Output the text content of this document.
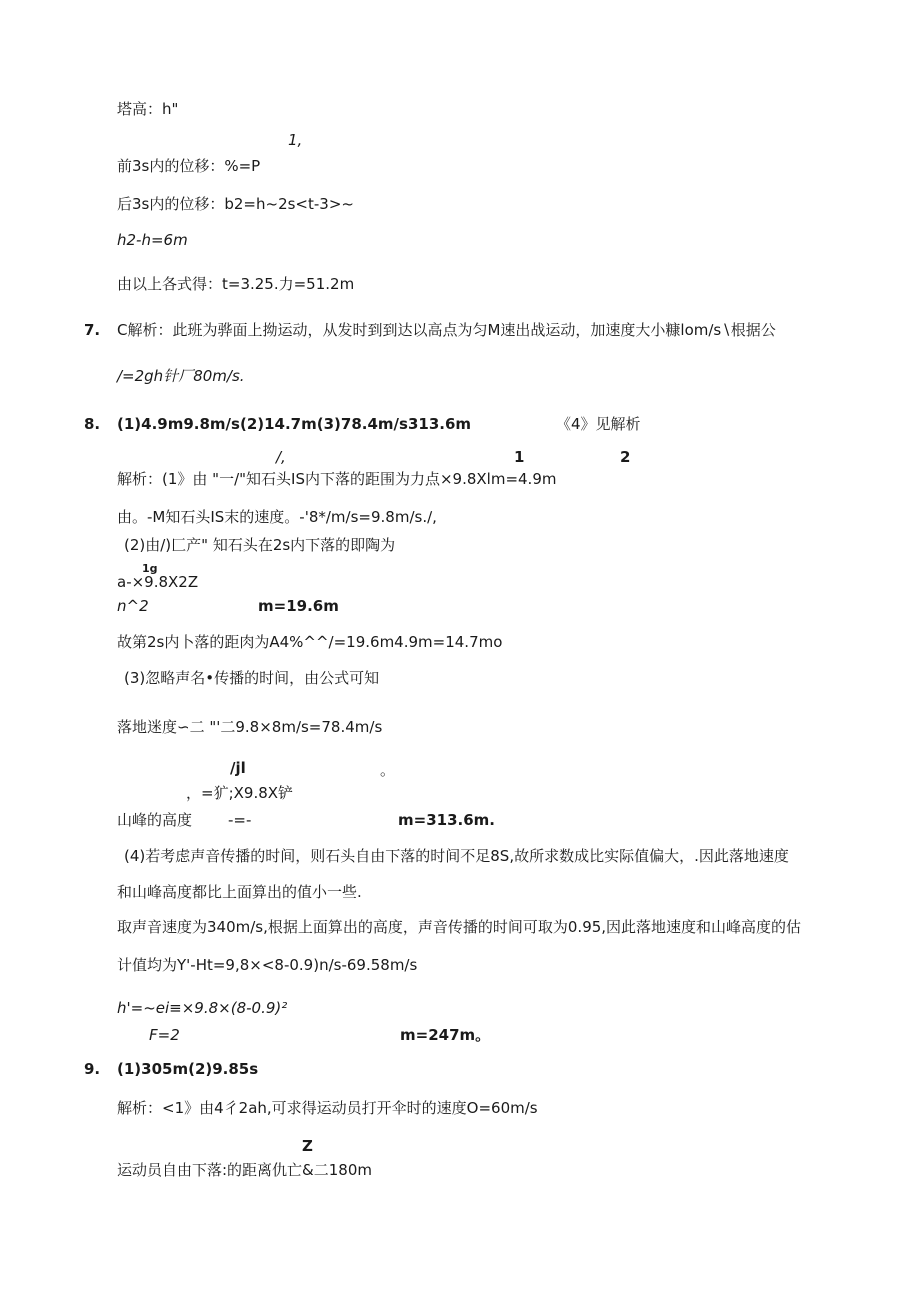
塔高：h"
1,
前3s内的位移：%=P
后3s内的位移：b2=h~2s<t-3>~
h2-h=6m
由以上各式得：t=3.25.力=51.2m
7. C解析：此班为骅面上拗运动，从发时到到达以高点为匀M速出战运动，加速度大小糠lom∕s∖根据公
/=2gh针厂80m/s.
8. (1)4.9m9.8m/s(2)14.7m(3)78.4m/s313.6m	《4》见解析
/,	1	2
解析：(1》由 "一/"知石头IS内下落的距围为力点×9.8Xlm=4.9m
由。-M知石头IS末的速度。-'8*/m∕s=9.8m/s.∕,
(2)由/)匚产" 知石头在2s内下落的即陶为
1g
a-×9.8X2Z
n^2	m=19.6m
故第2s内卜落的距肉为A4%^^/=19.6m4.9m=14.7mo
(3)忽略声名•传播的时间，由公式可知
落地迷度∽二 "'二9.8×8m∕s=78.4m/s
/jl	。
，=犷;X9.8X铲
山峰的高度 -=-	m=313.6m.
(4)若考虑声音传播的时间，则石头自由下落的时间不足8S,故所求数成比实际值偏大，.因此落地速度
和山峰高度都比上面算出的值小一些.
取声音速度为340m/s,根据上面算出的高度，声音传播的时间可取为0.95,因此落地速度和山峰高度的估
计值均为Y'-Ht=9,8×<8-0.9)n/s-69.58m/s
h'=~ei≡×9.8×(8-0.9)²
F=2	m=247m。
9. (1)305m(2)9.85s
解析：<1》由4彳2ah,可求得运动员打开伞时的速度O=60m/s
Z
运动员自由下落:的距离仇亡&二180m
